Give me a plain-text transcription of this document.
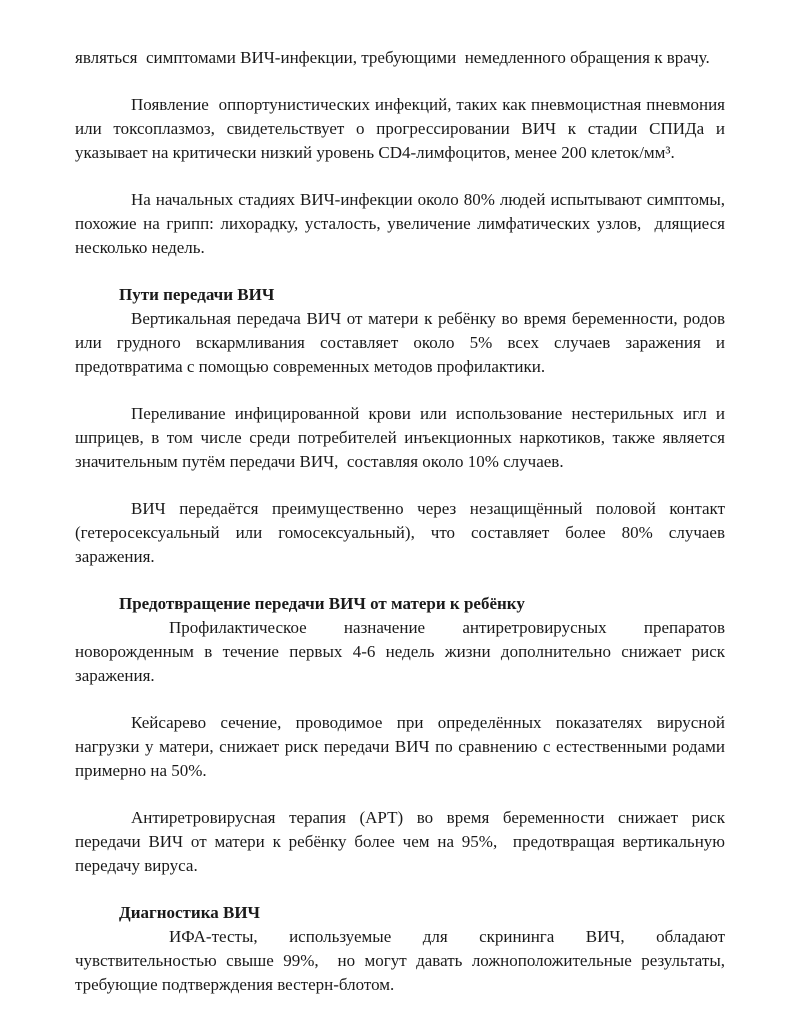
являться  симптомами ВИЧ-инфекции, требующими  немедленного обращения к врачу.

Появление  оппортунистических инфекций, таких как пневмоцистная пневмония или токсоплазмоз, свидетельствует о прогрессировании ВИЧ к стадии СПИДа и указывает на критически низкий уровень CD4-лимфоцитов, менее 200 клеток/мм³.

На начальных стадиях ВИЧ-инфекции около 80% людей испытывают симптомы, похожие на грипп: лихорадку, усталость, увеличение лимфатических узлов,  длящиеся несколько недель.

Пути передачи ВИЧ

Вертикальная передача ВИЧ от матери к ребёнку во время беременности, родов или грудного вскармливания составляет около 5% всех случаев заражения и предотвратима с помощью современных методов профилактики.

Переливание инфицированной крови или использование нестерильных игл и шприцев, в том числе среди потребителей инъекционных наркотиков, также является значительным путём передачи ВИЧ,  составляя около 10% случаев.

ВИЧ передаётся преимущественно через незащищённый половой контакт (гетеросексуальный или гомосексуальный), что составляет более 80% случаев заражения.

Предотвращение передачи ВИЧ от матери к ребёнку

Профилактическое  назначение  антиретровирусных  препаратов новорожденным в течение первых 4-6 недель жизни дополнительно снижает риск заражения.

Кейсарево сечение, проводимое при определённых показателях вирусной нагрузки у матери, снижает риск передачи ВИЧ по сравнению с естественными родами примерно на 50%.

Антиретровирусная терапия (АРТ) во время беременности снижает риск передачи ВИЧ от матери к ребёнку более чем на 95%,  предотвращая вертикальную передачу вируса.

Диагностика ВИЧ

ИФА-тесты,  используемые  для  скрининга  ВИЧ,  обладают чувствительностью свыше 99%,  но могут давать ложноположительные результаты, требующие подтверждения вестерн-блотом.
